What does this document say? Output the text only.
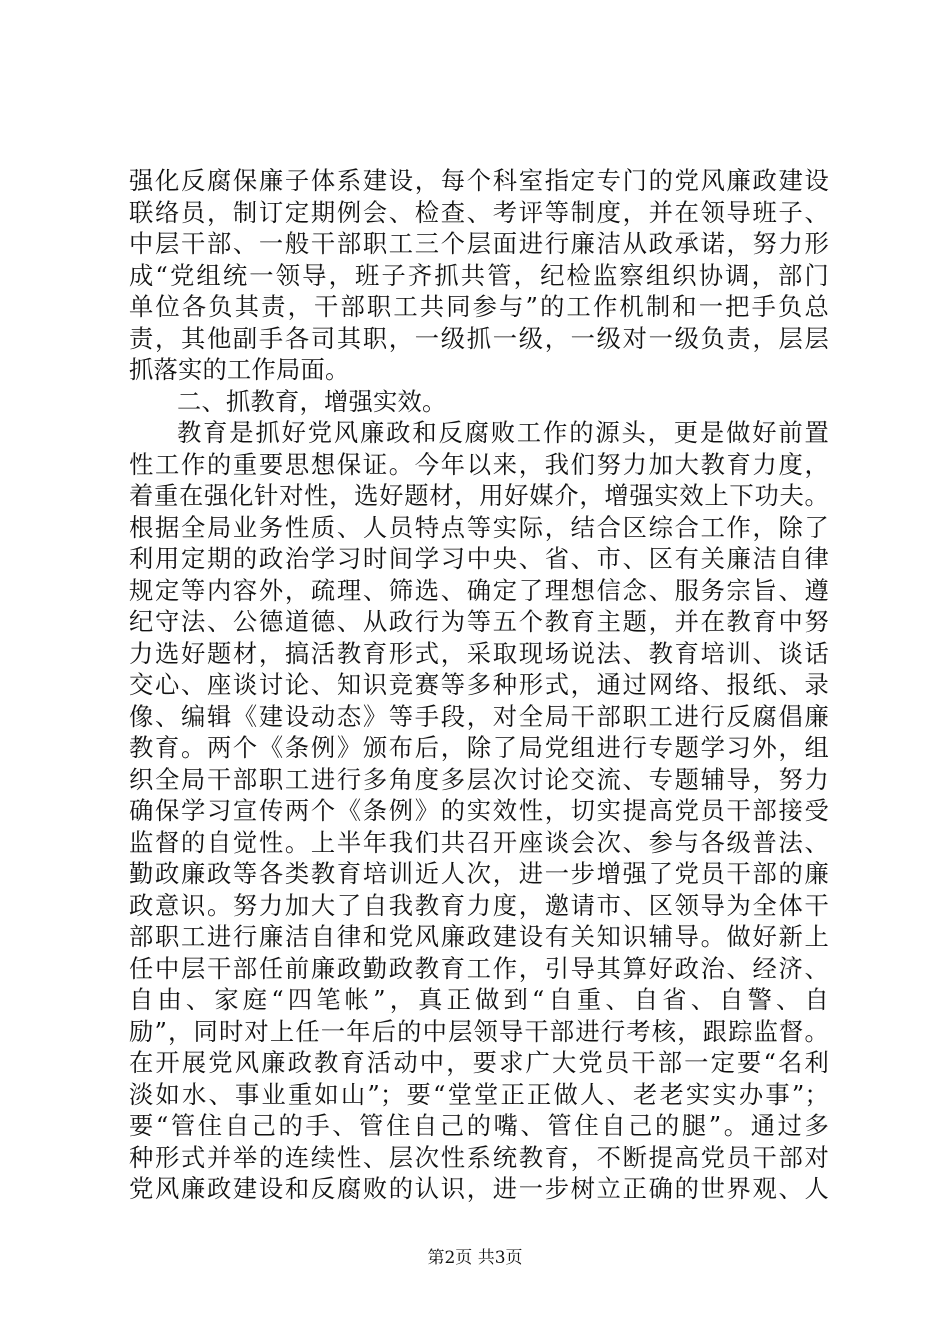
强化反腐保廉子体系建设，每个科室指定专门的党风廉政建设
联络员，制订定期例会、检查、考评等制度，并在领导班子、
中层干部、一般干部职工三个层面进行廉洁从政承诺，努力形
成“党组统一领导，班子齐抓共管，纪检监察组织协调，部门
单位各负其责，干部职工共同参与”的工作机制和一把手负总
责，其他副手各司其职，一级抓一级，一级对一级负责，层层
抓落实的工作局面。
二、抓教育，增强实效。
教育是抓好党风廉政和反腐败工作的源头，更是做好前置
性工作的重要思想保证。今年以来，我们努力加大教育力度，
着重在强化针对性，选好题材，用好媒介，增强实效上下功夫。
根据全局业务性质、人员特点等实际，结合区综合工作，除了
利用定期的政治学习时间学习中央、省、市、区有关廉洁自律
规定等内容外，疏理、筛选、确定了理想信念、服务宗旨、遵
纪守法、公德道德、从政行为等五个教育主题，并在教育中努
力选好题材，搞活教育形式，采取现场说法、教育培训、谈话
交心、座谈讨论、知识竞赛等多种形式，通过网络、报纸、录
像、编辑《建设动态》等手段，对全局干部职工进行反腐倡廉
教育。两个《条例》颁布后，除了局党组进行专题学习外，组
织全局干部职工进行多角度多层次讨论交流、专题辅导，努力
确保学习宣传两个《条例》的实效性，切实提高党员干部接受
监督的自觉性。上半年我们共召开座谈会次、参与各级普法、
勤政廉政等各类教育培训近人次，进一步增强了党员干部的廉
政意识。努力加大了自我教育力度，邀请市、区领导为全体干
部职工进行廉洁自律和党风廉政建设有关知识辅导。做好新上
任中层干部任前廉政勤政教育工作，引导其算好政治、经济、
自由、家庭“四笔帐”，真正做到“自重、自省、自警、自
励”，同时对上任一年后的中层领导干部进行考核，跟踪监督。
在开展党风廉政教育活动中，要求广大党员干部一定要“名利
淡如水、事业重如山”；要“堂堂正正做人、老老实实办事”；
要“管住自己的手、管住自己的嘴、管住自己的腿”。通过多
种形式并举的连续性、层次性系统教育，不断提高党员干部对
党风廉政建设和反腐败的认识，进一步树立正确的世界观、人
第2页 共3页
